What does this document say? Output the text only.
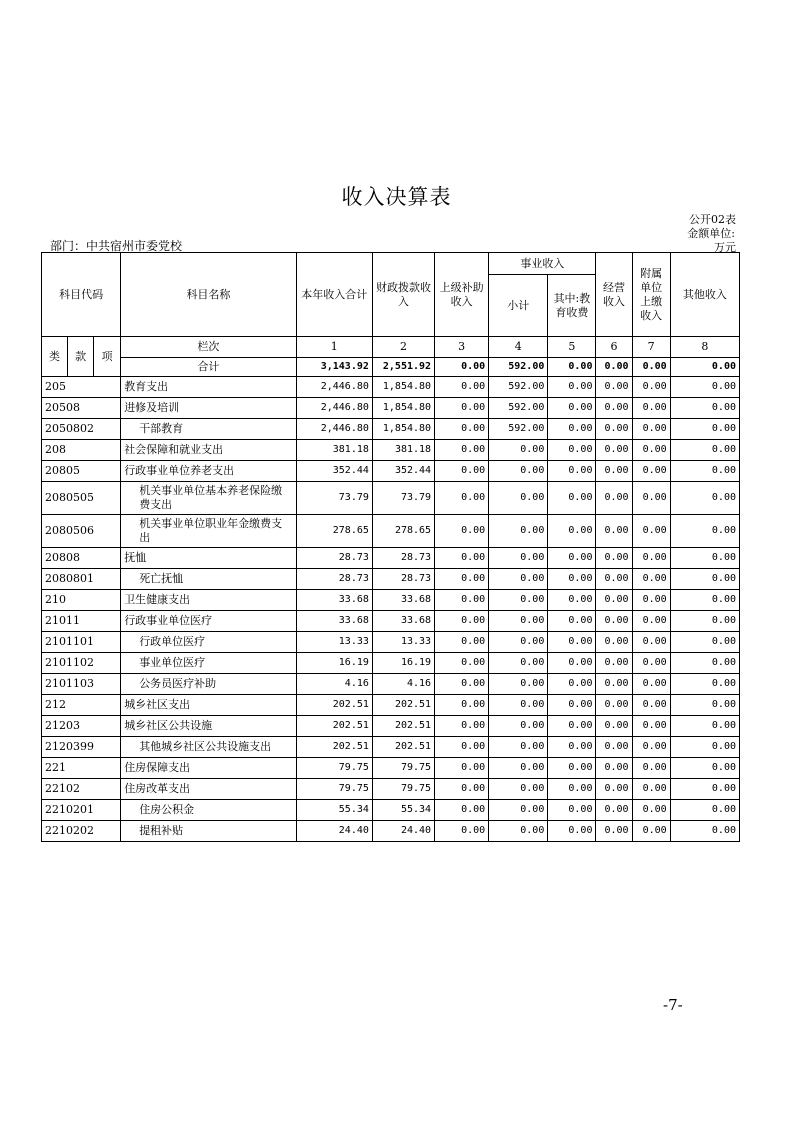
收入决算表
公开02表
金额单位:
部门：中共宿州市委党校	万元
科目代码			科目名称	本年收入合计	财政拨款收入	上级补助收入	事业收入		经营收入	附属单位上缴收入	其他收入
							小计	其中:教育收费			
类	款	项	栏次	1	2	3	4	5	6	7	8
			合计	3,143.92	2,551.92	0.00	592.00	0.00	0.00	0.00	0.00
205			教育支出	2,446.80	1,854.80	0.00	592.00	0.00	0.00	0.00	0.00
20508			进修及培训	2,446.80	1,854.80	0.00	592.00	0.00	0.00	0.00	0.00
2050802			干部教育	2,446.80	1,854.80	0.00	592.00	0.00	0.00	0.00	0.00
208			社会保障和就业支出	381.18	381.18	0.00	0.00	0.00	0.00	0.00	0.00
20805			行政事业单位养老支出	352.44	352.44	0.00	0.00	0.00	0.00	0.00	0.00
2080505			机关事业单位基本养老保险缴费支出	73.79	73.79	0.00	0.00	0.00	0.00	0.00	0.00
2080506			机关事业单位职业年金缴费支出	278.65	278.65	0.00	0.00	0.00	0.00	0.00	0.00
20808			抚恤	28.73	28.73	0.00	0.00	0.00	0.00	0.00	0.00
2080801			死亡抚恤	28.73	28.73	0.00	0.00	0.00	0.00	0.00	0.00
210			卫生健康支出	33.68	33.68	0.00	0.00	0.00	0.00	0.00	0.00
21011			行政事业单位医疗	33.68	33.68	0.00	0.00	0.00	0.00	0.00	0.00
2101101			行政单位医疗	13.33	13.33	0.00	0.00	0.00	0.00	0.00	0.00
2101102			事业单位医疗	16.19	16.19	0.00	0.00	0.00	0.00	0.00	0.00
2101103			公务员医疗补助	4.16	4.16	0.00	0.00	0.00	0.00	0.00	0.00
212			城乡社区支出	202.51	202.51	0.00	0.00	0.00	0.00	0.00	0.00
21203			城乡社区公共设施	202.51	202.51	0.00	0.00	0.00	0.00	0.00	0.00
2120399			其他城乡社区公共设施支出	202.51	202.51	0.00	0.00	0.00	0.00	0.00	0.00
221			住房保障支出	79.75	79.75	0.00	0.00	0.00	0.00	0.00	0.00
22102			住房改革支出	79.75	79.75	0.00	0.00	0.00	0.00	0.00	0.00
2210201			住房公积金	55.34	55.34	0.00	0.00	0.00	0.00	0.00	0.00
2210202			提租补贴	24.40	24.40	0.00	0.00	0.00	0.00	0.00	0.00
-7-
